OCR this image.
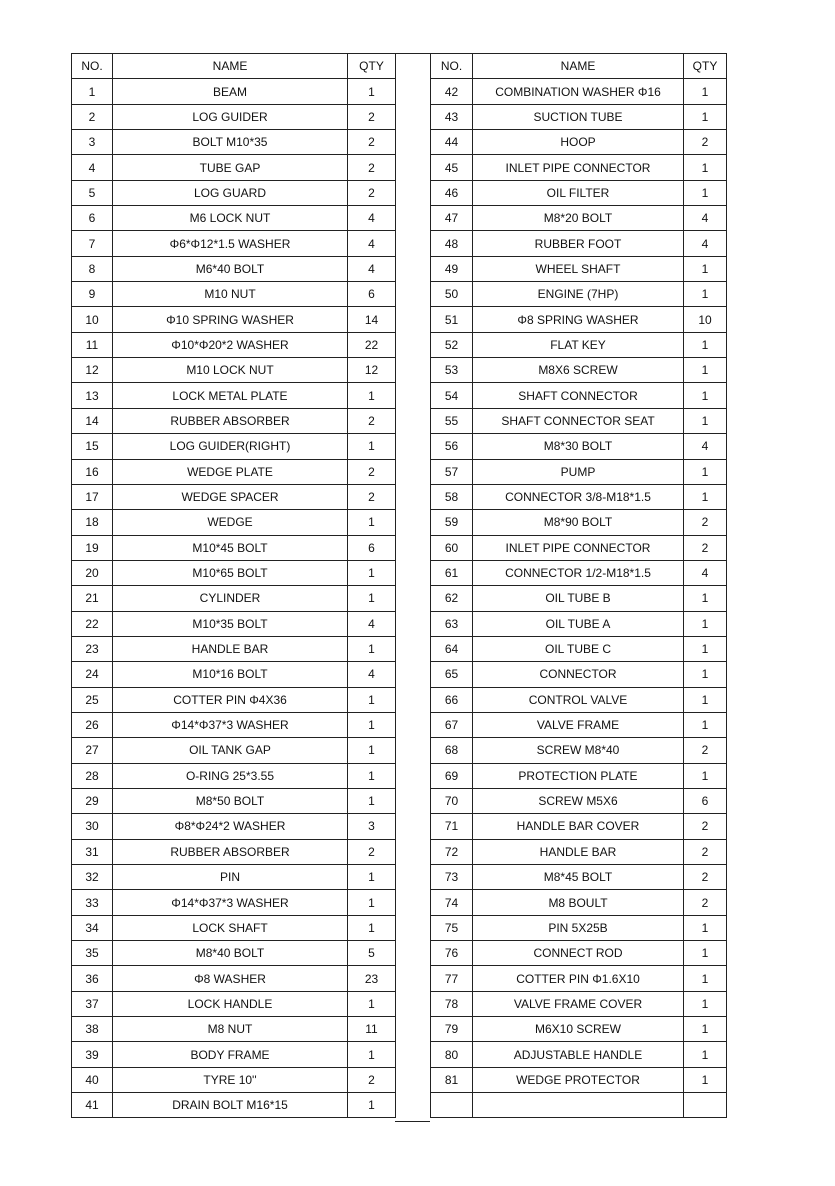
NO.	NAME	QTY
1	BEAM	1
2	LOG GUIDER	2
3	BOLT M10*35	2
4	TUBE GAP	2
5	LOG GUARD	2
6	M6 LOCK NUT	4
7	Φ6*Φ12*1.5 WASHER	4
8	M6*40 BOLT	4
9	M10 NUT	6
10	Φ10 SPRING WASHER	14
11	Φ10*Φ20*2 WASHER	22
12	M10 LOCK NUT	12
13	LOCK METAL PLATE	1
14	RUBBER ABSORBER	2
15	LOG GUIDER(RIGHT)	1
16	WEDGE PLATE	2
17	WEDGE SPACER	2
18	WEDGE	1
19	M10*45 BOLT	6
20	M10*65 BOLT	1
21	CYLINDER	1
22	M10*35 BOLT	4
23	HANDLE BAR	1
24	M10*16 BOLT	4
25	COTTER PIN Φ4X36	1
26	Φ14*Φ37*3 WASHER	1
27	OIL TANK GAP	1
28	O-RING 25*3.55	1
29	M8*50 BOLT	1
30	Φ8*Φ24*2 WASHER	3
31	RUBBER ABSORBER	2
32	PIN	1
33	Φ14*Φ37*3 WASHER	1
34	LOCK SHAFT	1
35	M8*40 BOLT	5
36	Φ8 WASHER	23
37	LOCK HANDLE	1
38	M8 NUT	11
39	BODY FRAME	1
40	TYRE 10''	2
41	DRAIN BOLT M16*15	1
NO.	NAME	QTY
42	COMBINATION WASHER Φ16	1
43	SUCTION TUBE	1
44	HOOP	2
45	INLET PIPE CONNECTOR	1
46	OIL FILTER	1
47	M8*20 BOLT	4
48	RUBBER FOOT	4
49	WHEEL SHAFT	1
50	ENGINE (7HP)	1
51	Φ8 SPRING WASHER	10
52	FLAT KEY	1
53	M8X6 SCREW	1
54	SHAFT CONNECTOR	1
55	SHAFT CONNECTOR SEAT	1
56	M8*30 BOLT	4
57	PUMP	1
58	CONNECTOR 3/8-M18*1.5	1
59	M8*90 BOLT	2
60	INLET PIPE CONNECTOR	2
61	CONNECTOR 1/2-M18*1.5	4
62	OIL TUBE B	1
63	OIL TUBE A	1
64	OIL TUBE C	1
65	CONNECTOR	1
66	CONTROL VALVE	1
67	VALVE FRAME	1
68	SCREW M8*40	2
69	PROTECTION PLATE	1
70	SCREW M5X6	6
71	HANDLE BAR COVER	2
72	HANDLE BAR	2
73	M8*45 BOLT	2
74	M8 BOULT	2
75	PIN 5X25B	1
76	CONNECT ROD	1
77	COTTER PIN Φ1.6X10	1
78	VALVE FRAME COVER	1
79	M6X10 SCREW	1
80	ADJUSTABLE HANDLE	1
81	WEDGE PROTECTOR	1
